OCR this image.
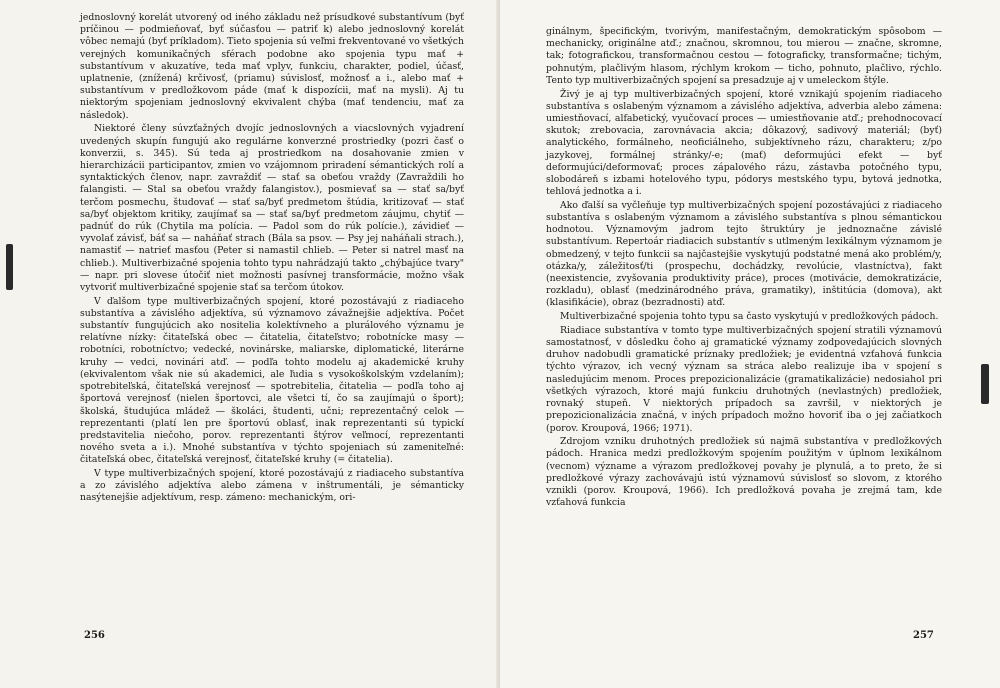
jednoslovný korelát utvorený od iného základu než prísudkové substantívum (byť príčinou — podmieňovať, byť súčasťou — patriť k) alebo jednoslovný korelát vôbec nemajú (byť príkladom). Tieto spojenia sú veľmi frekventované vo všetkých verejných komunikačných sférach podobne ako spojenia typu mať + substantívum v akuzatíve, teda mať vplyv, funkciu, charakter, podiel, účasť, uplatnenie, (znížená) krčivosť, (priamu) súvislosť, možnosť a i., alebo mať + substantívum v predložkovom páde (mať k dispozícii, mať na mysli). Aj tu niektorým spojeniam jednoslovný ekvivalent chýba (mať tendenciu, mať za následok).

Niektoré členy súvzťažných dvojíc jednoslovných a viacslovných vyjadrení uvedených skupín fungujú ako regulárne konverzné prostriedky (pozri časť o konverzii, s. 345). Sú teda aj prostriedkom na dosahovanie zmien v hierarchizácii participantov, zmien vo vzájomnom priradení sémantických rolí a syntaktických členov, napr. zavraždiť — stať sa obeťou vraždy (Zavraždili ho falangisti. — Stal sa obeťou vraždy falangistov.), posmievať sa — stať sa/byť terčom posmechu, študovať — stať sa/byť predmetom štúdia, kritizovať — stať sa/byť objektom kritiky, zaujímať sa — stať sa/byť predmetom záujmu, chytiť — padnúť do rúk (Chytila ma polícia. — Padol som do rúk polície.), závidieť — vyvolať závisť, báť sa — naháňať strach (Bála sa psov. — Psy jej naháňali strach.), namastiť — natrieť masťou (Peter si namastil chlieb. — Peter si natrel masť na chlieb.). Multiverbizačné spojenia tohto typu nahrádzajú takto „chýbajúce tvary" — napr. pri slovese útočiť niet možnosti pasívnej transformácie, možno však vytvoriť multiverbizačné spojenie stať sa terčom útokov.

V ďalšom type multiverbizačných spojení, ktoré pozostávajú z riadiaceho substantíva a závislého adjektíva, sú významovo závažnejšie adjektíva. Počet substantív fungujúcich ako nositelia kolektívneho a plurálového významu je relatívne nízky: čitateľská obec — čitatelia, čitateľstvo; robotnícke masy — robotníci, robotníctvo; vedecké, novinárske, maliarske, diplomatické, literárne kruhy — vedci, novinári atď. — podľa tohto modelu aj akademické kruhy (ekvivalentom však nie sú akademici, ale ľudia s vysokoškolským vzdelaním); spotrebiteľská, čitateľská verejnosť — spotrebitelia, čitatelia — podľa toho aj športová verejnosť (nielen športovci, ale všetci tí, čo sa zaujímajú o šport); školská, študujúca mládež — školáci, študenti, učni; reprezentačný celok — reprezentanti (platí len pre športovú oblasť, inak reprezentanti sú typickí predstavitelia niečoho, porov. reprezentanti štýrov veľmocí, reprezentanti nového sveta a i.). Mnohé substantíva v týchto spojeniach sú zameniteľné: čitateľská obec, čitateľská verejnosť, čitateľské kruhy (= čitatelia).

V type multiverbizačných spojení, ktoré pozostávajú z riadiaceho substantíva a zo závislého adjektíva alebo zámena v inštrumentáli, je sémanticky nasýtenejšie adjektívum, resp. zámeno: mechanickým, ori-

256

ginálnym, špecifickým, tvorivým, manifestačným, demokratickým spôsobom — mechanicky, originálne atď.; značnou, skromnou, tou mierou — značne, skromne, tak; fotografickou, transformačnou cestou — fotograficky, transformačne; tichým, pohnutým, plačlivým hlasom, rýchlym krokom — ticho, pohnuto, plačlivo, rýchlo. Tento typ multiverbizačných spojení sa presadzuje aj v umeleckom štýle.

Živý je aj typ multiverbizačných spojení, ktoré vznikajú spojením riadiaceho substantíva s oslabeným významom a závislého adjektíva, adverbia alebo zámena: umiestňovací, alfabetický, vyučovací proces — umiestňovanie atď.; prehodnocovací skutok; zrebovacia, zarovnávacia akcia; dôkazový, sadivový materiál; (byť) analytického, formálneho, neoficiálneho, subjektívneho rázu, charakteru; z/po jazykovej, formálnej stránky/-e; (mať) deformujúci efekt — byť deformujúci/deformovať; proces zápalového rázu, zástavba potočného typu, slobodáreň s izbami hotelového typu, pódorys mestského typu, bytová jednotka, tehlová jednotka a i.

Ako ďalší sa vyčleňuje typ multiverbizačných spojení pozostávajúci z riadiaceho substantíva s oslabeným významom a závislého substantíva s plnou sémantickou hodnotou. Významovým jadrom tejto štruktúry je jednoznačne závislé substantívum. Repertoár riadiacich substantív s utlmeným lexikálnym významom je obmedzený, v tejto funkcii sa najčastejšie vyskytujú podstatné mená ako problém/y, otázka/y, záležitosť/ti (prospechu, dochádzky, revolúcie, vlastníctva), fakt (neexistencie, zvyšovania produktivity práce), proces (motivácie, demokratizácie, rozkladu), oblasť (medzinárodného práva, gramatiky), inštitúcia (domova), akt (klasifikácie), obraz (bezradnosti) atď.

Multiverbizačné spojenia tohto typu sa často vyskytujú v predložkových pádoch.

Riadiace substantíva v tomto type multiverbizačných spojení stratili významovú samostatnosť, v dôsledku čoho aj gramatické významy zodpovedajúcich slovných druhov nadobudli gramatické príznaky predložiek; je evidentná vzťahová funkcia týchto výrazov, ich vecný význam sa stráca alebo realizuje iba v spojení s nasledujúcim menom. Proces prepozicionalizácie (gramatikalizácie) nedosiahol pri všetkých výrazoch, ktoré majú funkciu druhotných (nevlastných) predložiek, rovnaký stupeň. V niektorých prípadoch sa završil, v niektorých je prepozicionalizácia značná, v iných prípadoch možno hovoriť iba o jej začiatkoch (porov. Kroupová, 1966; 1971).

Zdrojom vzniku druhotných predložiek sú najmä substantíva v predložkových pádoch. Hranica medzi predložkovým spojením použitým v úplnom lexikálnom (vecnom) význame a výrazom predložkovej povahy je plynulá, a to preto, že si predložkové výrazy zachovávajú istú významovú súvislosť so slovom, z ktorého vznikli (porov. Kroupová, 1966). Ich predložková povaha je zrejmá tam, kde vzťahová funkcia

257
